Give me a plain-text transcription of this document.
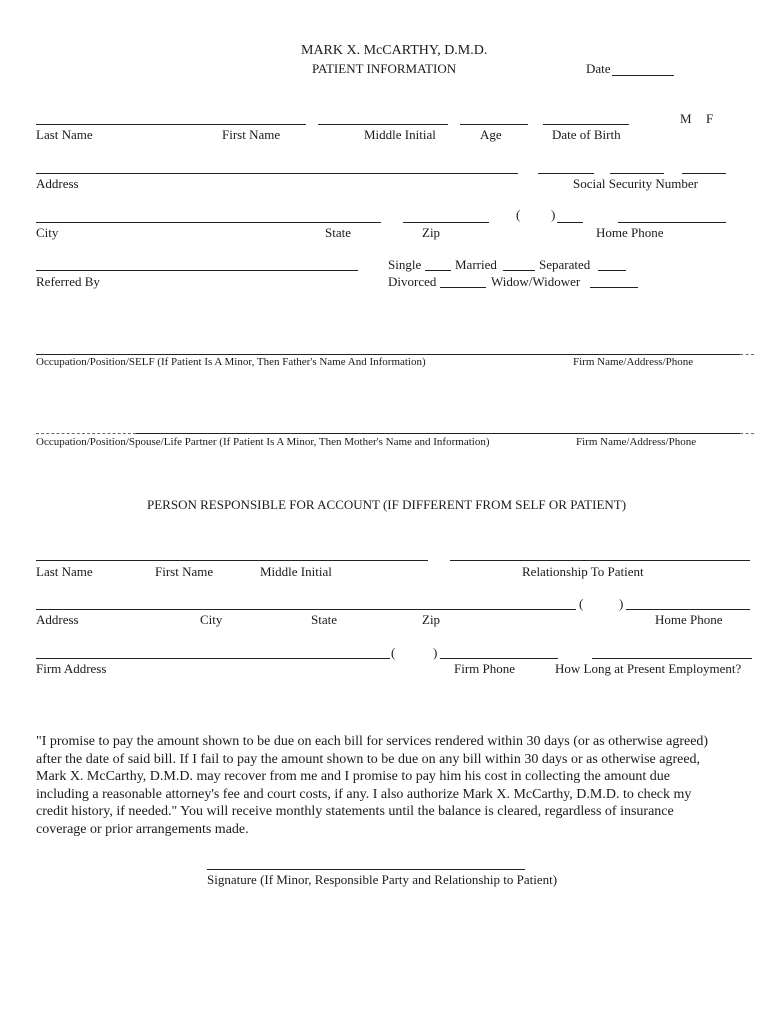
MARK X. McCARTHY, D.M.D.
PATIENT INFORMATION	Date
M F
Last Name	First Name	Middle Initial	Age	Date of Birth
Address	Social Security Number
( )
City	State	Zip	Home Phone
Referred By
Single	Married	Separated
Divorced	Widow/Widower
Occupation/Position/SELF (If Patient Is A Minor, Then Father's Name And Information)	Firm Name/Address/Phone
Occupation/Position/Spouse/Life Partner (If Patient Is A Minor, Then Mother's Name and Information)	Firm Name/Address/Phone
PERSON RESPONSIBLE FOR ACCOUNT (IF DIFFERENT FROM SELF OR PATIENT)
Last Name	First Name	Middle Initial	Relationship To Patient
(	)
Address	City	State	Zip	Home Phone
(	)
Firm Address	Firm Phone	How Long at Present Employment?
"I promise to pay the amount shown to be due on each bill for services rendered within 30 days (or as otherwise agreed) after the date of said bill. If I fail to pay the amount shown to be due on any bill within 30 days or as otherwise agreed, Mark X. McCarthy, D.M.D. may recover from me and I promise to pay him his cost in collecting the amount due including a reasonable attorney's fee and court costs, if any. I also authorize Mark X. McCarthy, D.M.D. to check my credit history, if needed." You will receive monthly statements until the balance is cleared, regardless of insurance coverage or prior arrangements made.
Signature (If Minor, Responsible Party and Relationship to Patient)
